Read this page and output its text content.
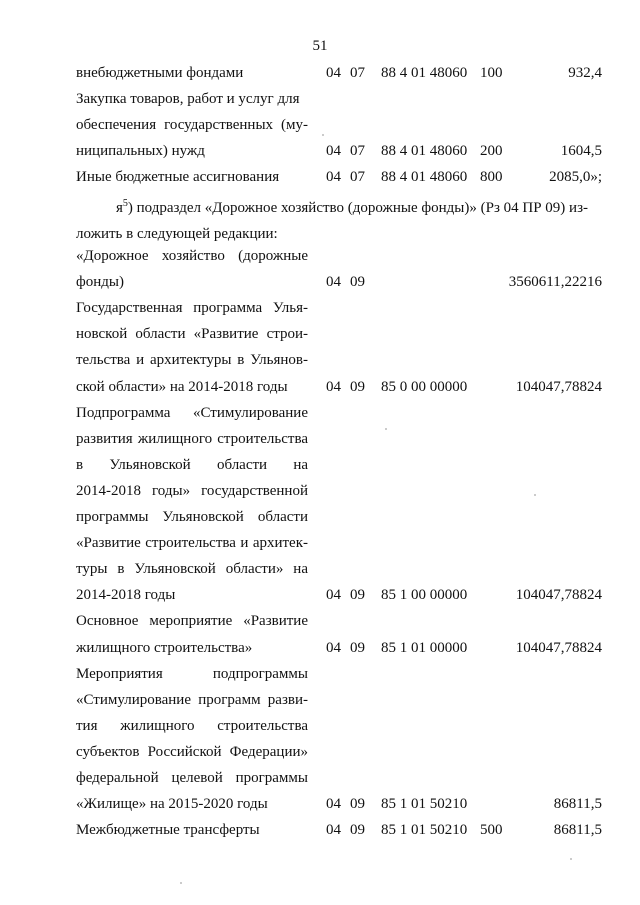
51
внебюджетными фондами	04 07 88 4 01 48060 100	932,4
Закупка товаров, работ и услуг для
обеспечения государственных (му-
ниципальных) нужд	04 07 88 4 01 48060 200	1604,5
Иные бюджетные ассигнования	04 07 88 4 01 48060 800	2085,0»;
$я^5$) подраздел «Дорожное хозяйство (дорожные фонды)» (Рз 04 ПР 09) из-
ложить в следующей редакции:
«Дорожное хозяйство (дорожные
фонды)	04 09	3560611,22216
Государственная программа Улья-
новской области «Развитие строи-
тельства и архитектуры в Ульянов-
ской области» на 2014-2018 годы	04 09 85 0 00 00000	104047,78824
Подпрограмма «Стимулирование
развития жилищного строительства
в Ульяновской области на
2014-2018 годы» государственной
программы Ульяновской области
«Развитие строительства и архитек-
туры в Ульяновской области» на
2014-2018 годы	04 09 85 1 00 00000	104047,78824
Основное мероприятие «Развитие
жилищного строительства»	04 09 85 1 01 00000	104047,78824
Мероприятия подпрограммы
«Стимулирование программ разви-
тия жилищного строительства
субъектов Российской Федерации»
федеральной целевой программы
«Жилище» на 2015-2020 годы	04 09 85 1 01 50210	86811,5
Межбюджетные трансферты	04 09 85 1 01 50210 500	86811,5
